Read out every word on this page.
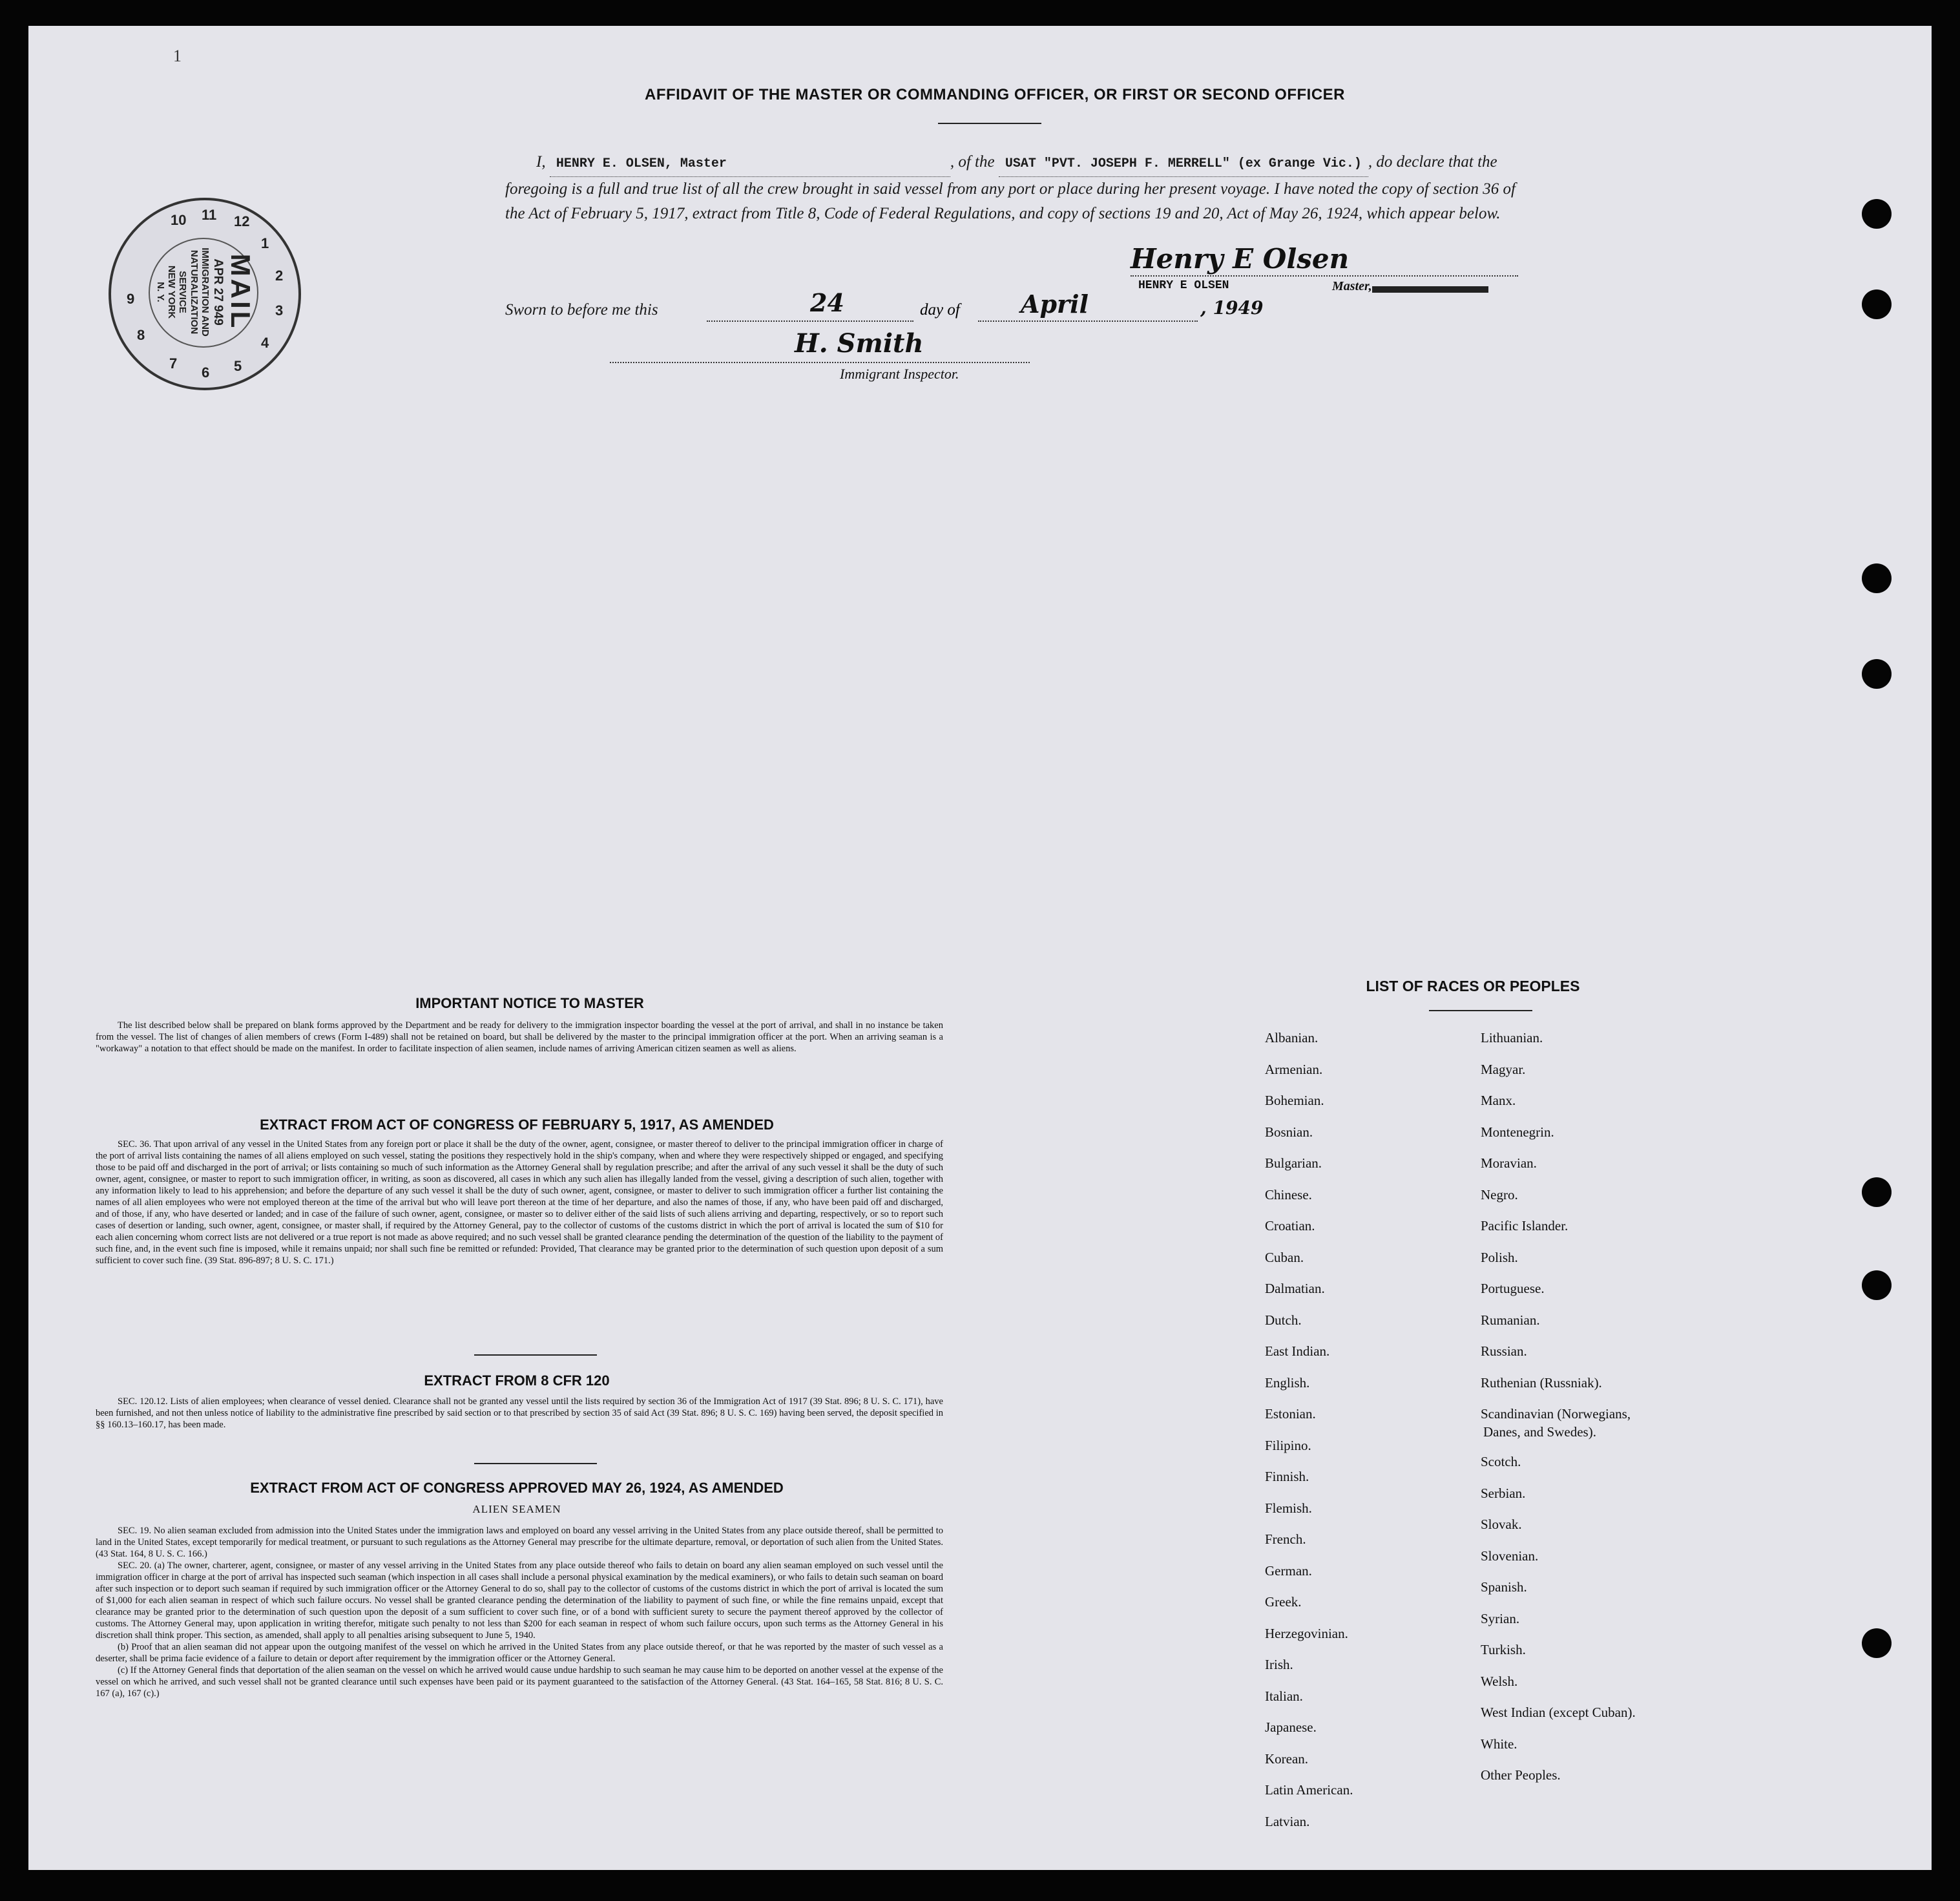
1

AFFIDAVIT OF THE MASTER OR COMMANDING OFFICER, OR FIRST OR SECOND OFFICER
I, HENRY E. OLSEN, Master	, of the USAT "PVT. JOSEPH F. MERRELL" (ex Grange Vic.) , do declare that the foregoing is a full and true list of all the crew brought in said vessel from any port or place during her present voyage. I have noted the copy of section 36 of the Act of February 5, 1917, extract from Title 8, Code of Federal Regulations, and copy of sections 19 and 20, Act of May 26, 1924, which appear below.
Henry E Olsen
HENRY E OLSEN	Master,
Sworn to before me this	24	day of April	, 1949
H. Smith
Immigrant Inspector.
10 11 12
1
2
3
4
5
6
7
8
9	MAIL
APR 27 949
IMMIGRATION AND
NATURALIZATION
SERVICE
NEW YORK
N. Y.
IMPORTANT NOTICE TO MASTER

The list described below shall be prepared on blank forms approved by the Department and be ready for delivery to the immigration inspector boarding the vessel at the port of arrival, and shall in no instance be taken from the vessel. The list of changes of alien members of crews (Form I-489) shall not be retained on board, but shall be delivered by the master to the principal immigration officer at the port. When an arriving seaman is a "workaway" a notation to that effect should be made on the manifest. In order to facilitate inspection of alien seamen, include names of arriving American citizen seamen as well as aliens.

EXTRACT FROM ACT OF CONGRESS OF FEBRUARY 5, 1917, AS AMENDED

SEC. 36. That upon arrival of any vessel in the United States from any foreign port or place it shall be the duty of the owner, agent, consignee, or master thereof to deliver to the principal immigration officer in charge of the port of arrival lists containing the names of all aliens employed on such vessel, stating the positions they respectively hold in the ship's company, when and where they were respectively shipped or engaged, and specifying those to be paid off and discharged in the port of arrival; or lists containing so much of such information as the Attorney General shall by regulation prescribe; and after the arrival of any such vessel it shall be the duty of such owner, agent, consignee, or master to report to such immigration officer, in writing, as soon as discovered, all cases in which any such alien has illegally landed from the vessel, giving a description of such alien, together with any information likely to lead to his apprehension; and before the departure of any such vessel it shall be the duty of such owner, agent, consignee, or master to deliver to such immigration officer a further list containing the names of all alien employees who were not employed thereon at the time of the arrival but who will leave port thereon at the time of her departure, and also the names of those, if any, who have been paid off and discharged, and of those, if any, who have deserted or landed; and in case of the failure of such owner, agent, consignee, or master so to deliver either of the said lists of such aliens arriving and departing, respectively, or so to report such cases of desertion or landing, such owner, agent, consignee, or master shall, if required by the Attorney General, pay to the collector of customs of the customs district in which the port of arrival is located the sum of $10 for each alien concerning whom correct lists are not delivered or a true report is not made as above required; and no such vessel shall be granted clearance pending the determination of the question of the liability to the payment of such fine, and, in the event such fine is imposed, while it remains unpaid; nor shall such fine be remitted or refunded: Provided, That clearance may be granted prior to the determination of such question upon deposit of a sum sufficient to cover such fine. (39 Stat. 896-897; 8 U. S. C. 171.)

EXTRACT FROM 8 CFR 120

SEC. 120.12. Lists of alien employees; when clearance of vessel denied. Clearance shall not be granted any vessel until the lists required by section 36 of the Immigration Act of 1917 (39 Stat. 896; 8 U. S. C. 171), have been furnished, and not then unless notice of liability to the administrative fine prescribed by said section or to that prescribed by section 35 of said Act (39 Stat. 896; 8 U. S. C. 169) having been served, the deposit specified in §§ 160.13–160.17, has been made.

EXTRACT FROM ACT OF CONGRESS APPROVED MAY 26, 1924, AS AMENDED
ALIEN SEAMEN

SEC. 19. No alien seaman excluded from admission into the United States under the immigration laws and employed on board any vessel arriving in the United States from any place outside thereof, shall be permitted to land in the United States, except temporarily for medical treatment, or pursuant to such regulations as the Attorney General may prescribe for the ultimate departure, removal, or deportation of such alien from the United States. (43 Stat. 164, 8 U. S. C. 166.)

SEC. 20. (a) The owner, charterer, agent, consignee, or master of any vessel arriving in the United States from any place outside thereof who fails to detain on board any alien seaman employed on such vessel until the immigration officer in charge at the port of arrival has inspected such seaman (which inspection in all cases shall include a personal physical examination by the medical examiners), or who fails to detain such seaman on board after such inspection or to deport such seaman if required by such immigration officer or the Attorney General to do so, shall pay to the collector of customs of the customs district in which the port of arrival is located the sum of $1,000 for each alien seaman in respect of which such failure occurs. No vessel shall be granted clearance pending the determination of the liability to payment of such fine, or while the fine remains unpaid, except that clearance may be granted prior to the determination of such question upon the deposit of a sum sufficient to cover such fine, or of a bond with sufficient surety to secure the payment thereof approved by the collector of customs. The Attorney General may, upon application in writing therefor, mitigate such penalty to not less than $200 for each seaman in respect of whom such failure occurs, upon such terms as the Attorney General in his discretion shall think proper. This section, as amended, shall apply to all penalties arising subsequent to June 5, 1940.

(b) Proof that an alien seaman did not appear upon the outgoing manifest of the vessel on which he arrived in the United States from any place outside thereof, or that he was reported by the master of such vessel as a deserter, shall be prima facie evidence of a failure to detain or deport after requirement by the immigration officer or the Attorney General.

(c) If the Attorney General finds that deportation of the alien seaman on the vessel on which he arrived would cause undue hardship to such seaman he may cause him to be deported on another vessel at the expense of the vessel on which he arrived, and such vessel shall not be granted clearance until such expenses have been paid or its payment guaranteed to the satisfaction of the Attorney General. (43 Stat. 164–165, 58 Stat. 816; 8 U. S. C. 167 (a), 167 (c).)

LIST OF RACES OR PEOPLES
Albanian.
Armenian.
Bohemian.
Bosnian.
Bulgarian.
Chinese.
Croatian.
Cuban.
Dalmatian.
Dutch.
East Indian.
English.
Estonian.
Filipino.
Finnish.
Flemish.
French.
German.
Greek.
Herzegovinian.
Irish.
Italian.
Japanese.
Korean.
Latin American.
Latvian.
Lithuanian.
Magyar.
Manx.
Montenegrin.
Moravian.
Negro.
Pacific Islander.
Polish.
Portuguese.
Rumanian.
Russian.
Ruthenian (Russniak).
Scandinavian (Norwegians,
Danes, and Swedes).
Scotch.
Serbian.
Slovak.
Slovenian.
Spanish.
Syrian.
Turkish.
Welsh.
West Indian (except Cuban).
White.
Other Peoples.
